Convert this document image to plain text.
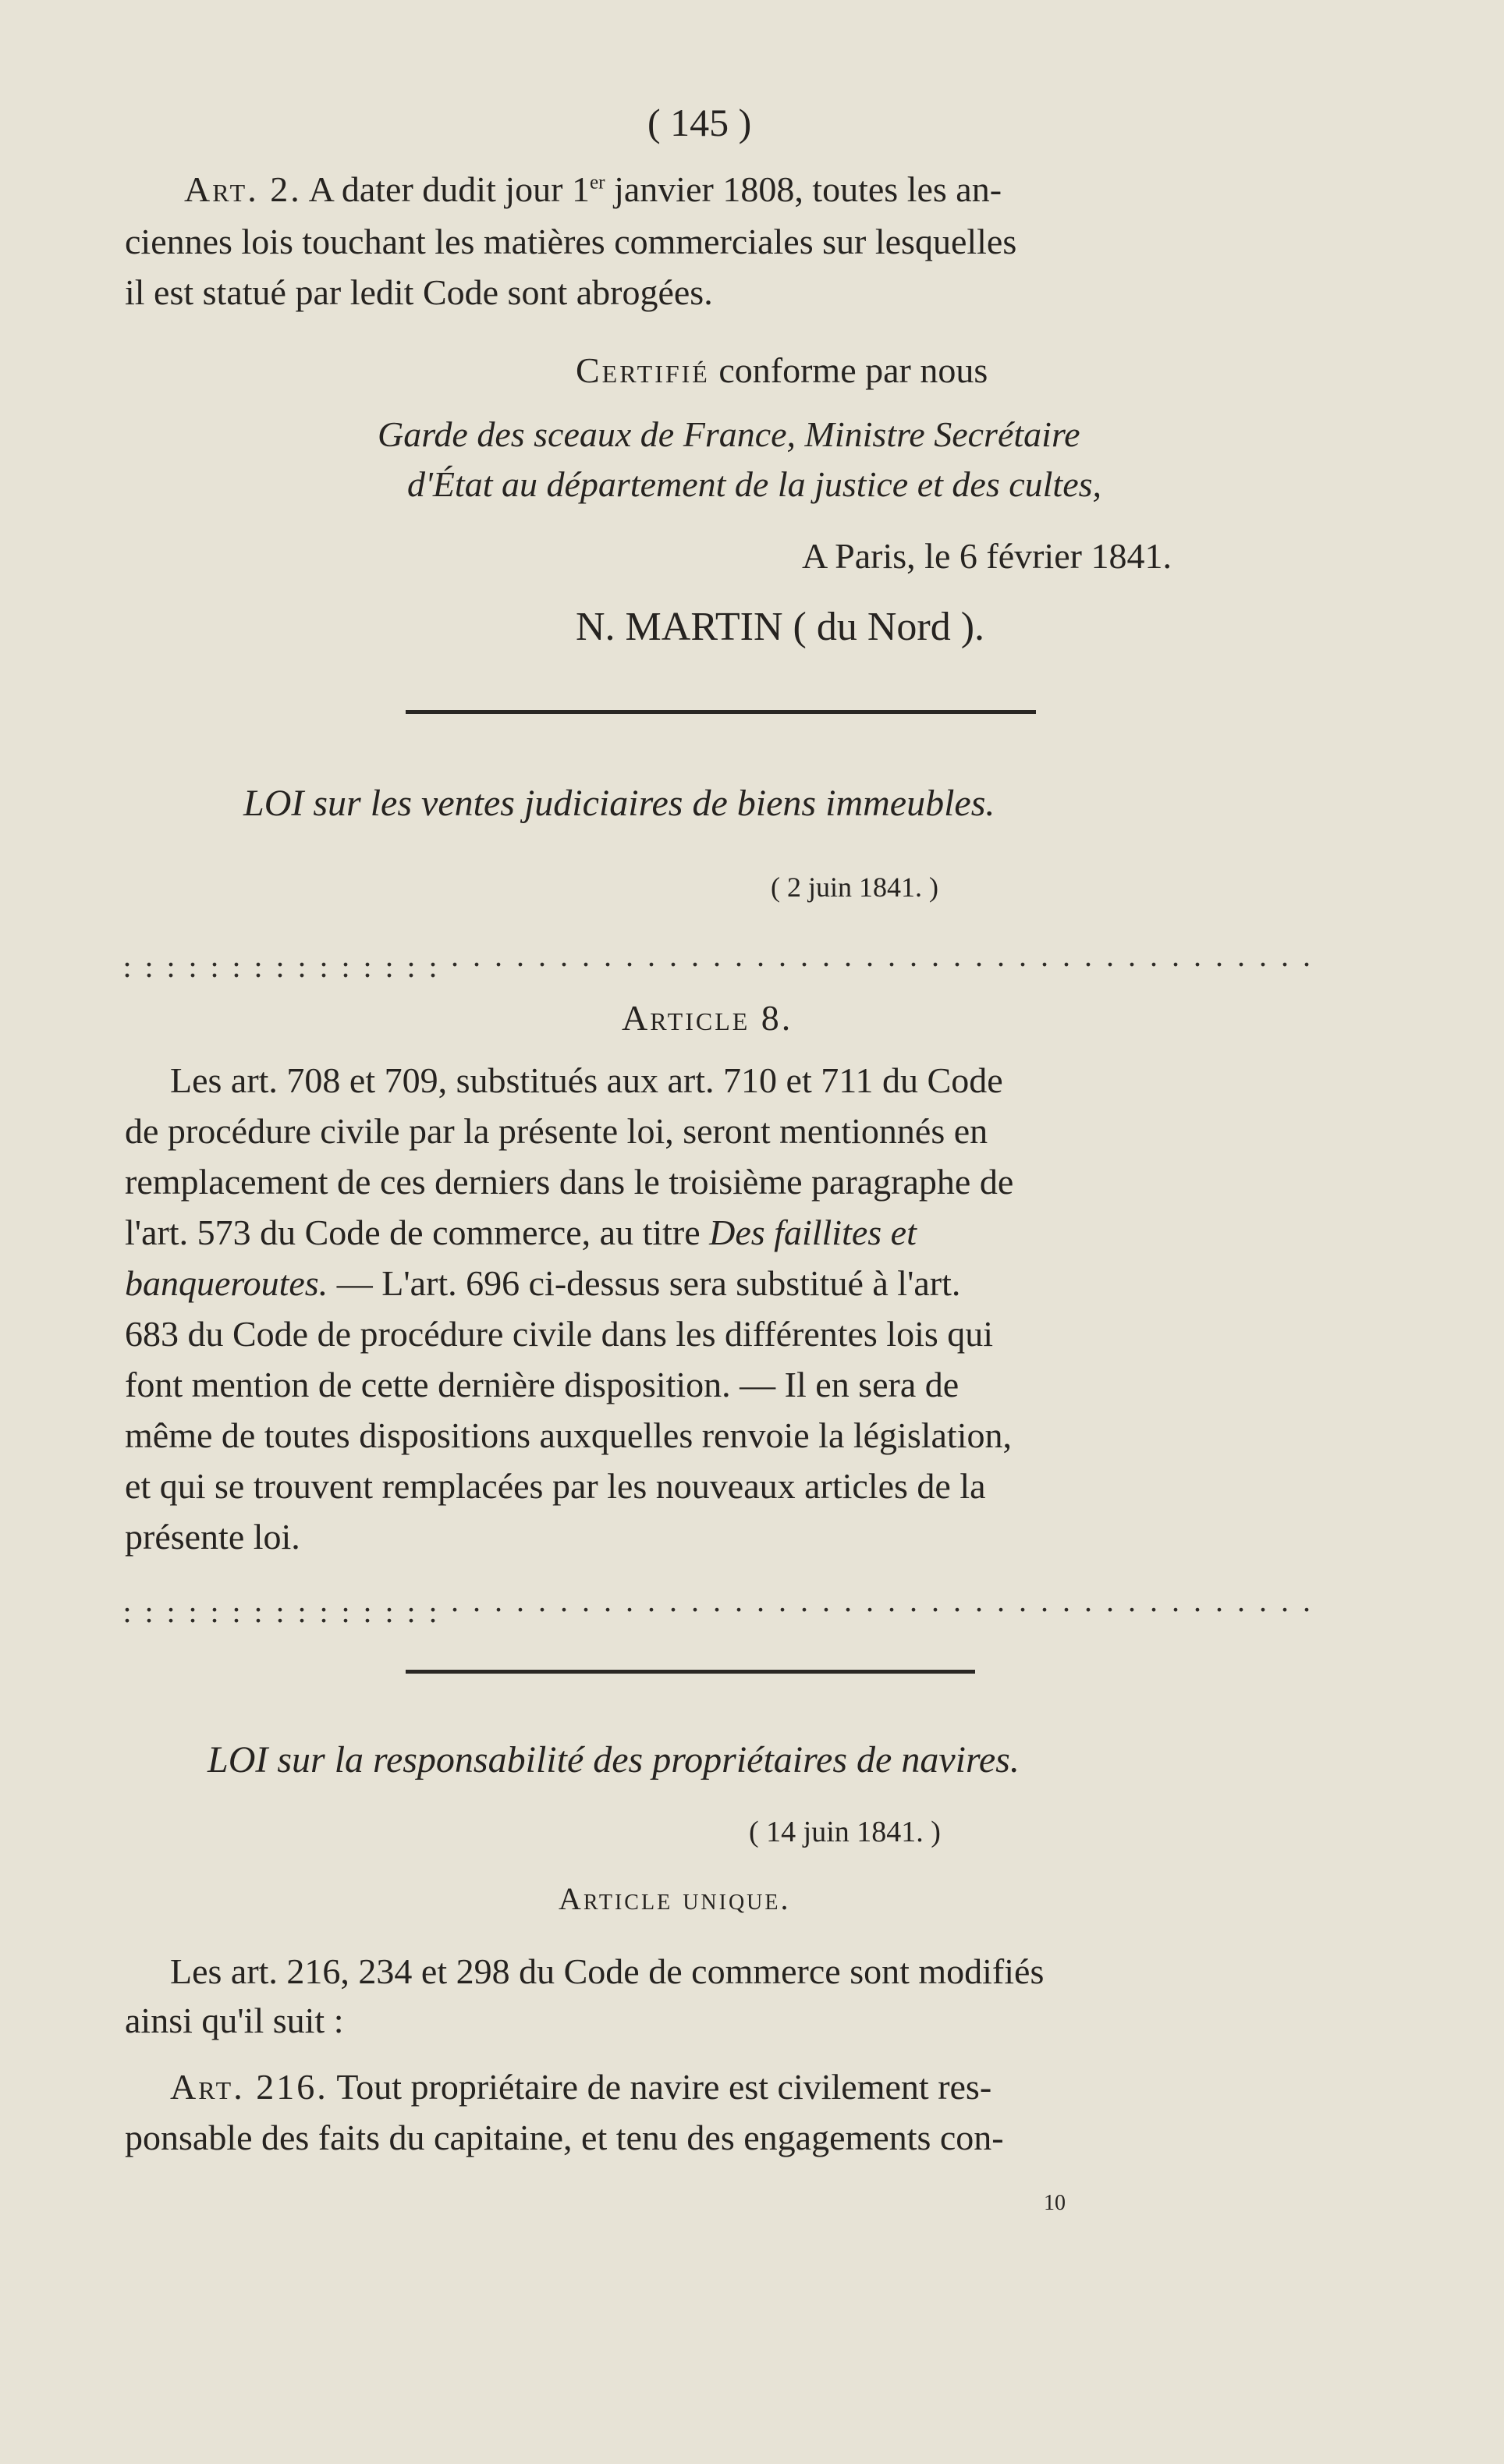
( 145 )
Art. 2. A dater dudit jour 1er janvier 1808, toutes les an-
ciennes lois touchant les matières commerciales sur lesquelles
il est statué par ledit Code sont abrogées.
Certifié conforme par nous
Garde des sceaux de France, Ministre Secrétaire
d'État au département de la justice et des cultes,
A Paris, le 6 février 1841.
N. MARTIN ( du Nord ).
LOI sur les ventes judiciaires de biens immeubles.
( 2 juin 1841. )
. . . . . . . . . . . . . . . . . . . . . . . . . . . . . . . . . . . . . . . . . . . . . . . . . . . . . . . . . . . . . . . . . . . . . .
Article 8.
Les art. 708 et 709, substitués aux art. 710 et 711 du Code
de procédure civile par la présente loi, seront mentionnés en
remplacement de ces derniers dans le troisième paragraphe de
l'art. 573 du Code de commerce, au titre Des faillites et
banqueroutes. — L'art. 696 ci-dessus sera substitué à l'art.
683 du Code de procédure civile dans les différentes lois qui
font mention de cette dernière disposition. — Il en sera de
même de toutes dispositions auxquelles renvoie la législation,
et qui se trouvent remplacées par les nouveaux articles de la
présente loi.
. . . . . . . . . . . . . . . . . . . . . . . . . . . . . . . . . . . . . . . . . . . . . . . . . . . . . . . . . . . . . . . . . . . . . .
LOI sur la responsabilité des propriétaires de navires.
( 14 juin 1841. )
Article unique.
Les art. 216, 234 et 298 du Code de commerce sont modifiés
ainsi qu'il suit :
Art. 216. Tout propriétaire de navire est civilement res-
ponsable des faits du capitaine, et tenu des engagements con-
10
